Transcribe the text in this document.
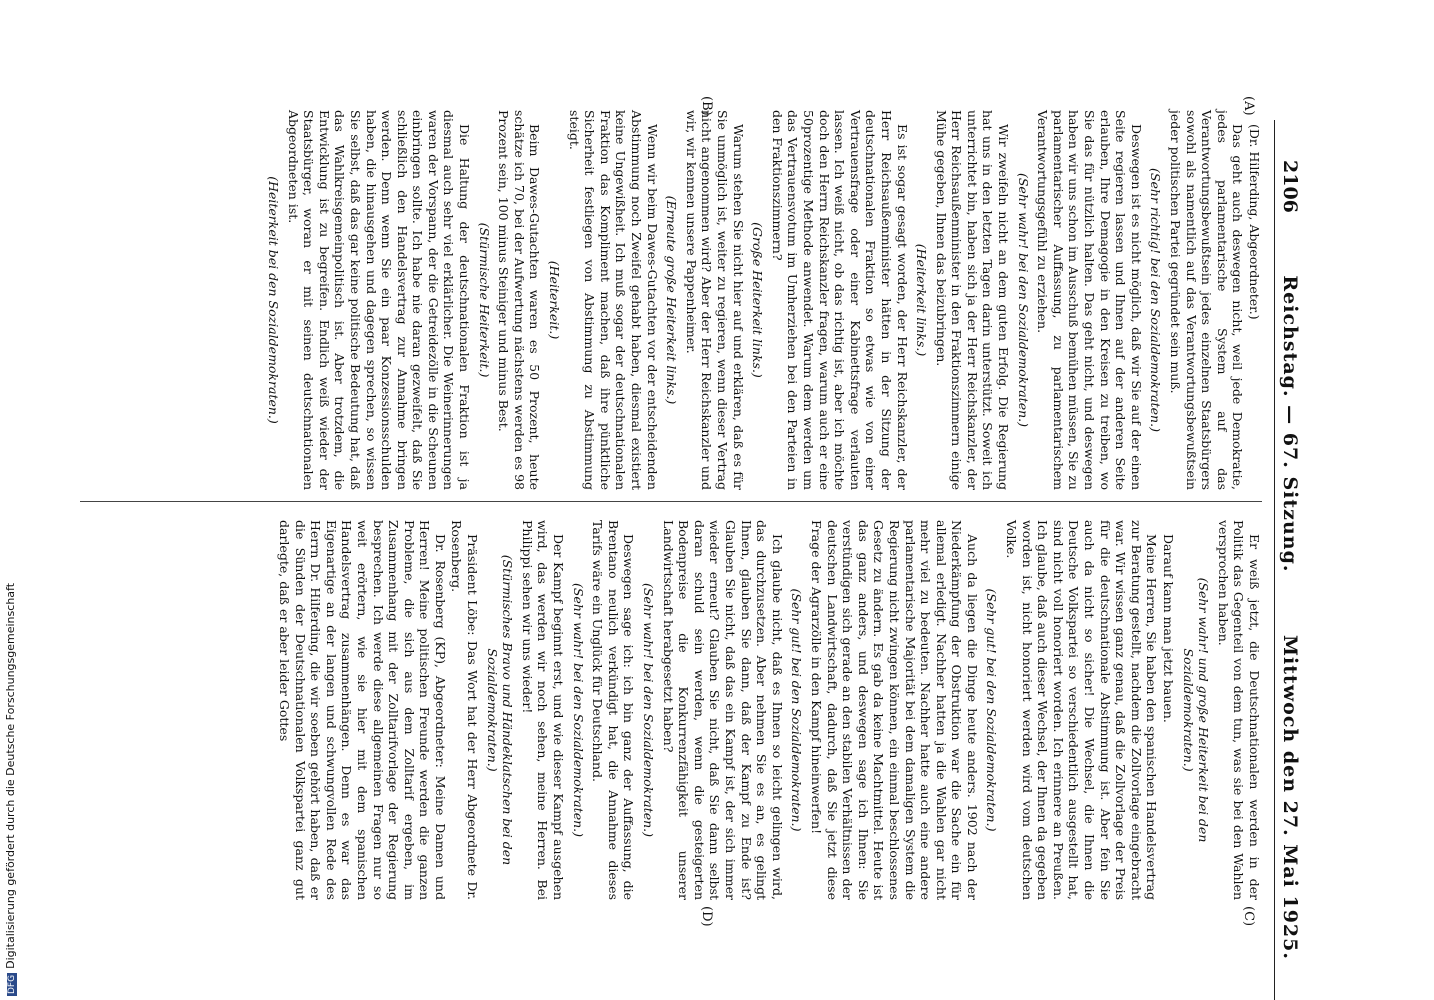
2106
Reichstag. — 67. Sitzung.
Mittwoch den 27. Mai 1925.
(A)
(B)
(C)
(D)

(Dr. Hilferding, Abgeordneter.)

Das geht auch deswegen nicht, weil jede Demokratie, jedes parlamentarische System auf das Verantwortungsbewußtsein jedes einzelnen Staatsbürgers sowohl als namentlich auf das Verantwortungsbewußtsein jeder politischen Partei gegründet sein muß.

(Sehr richtig! bei den Sozialdemokraten.)

Deswegen ist es nicht möglich, daß wir Sie auf der einen Seite regieren lassen und Ihnen auf der anderen Seite erlauben, Ihre Demagogie in den Kreisen zu treiben, wo Sie das für nützlich halten. Das geht nicht, und deswegen haben wir uns schon im Ausschuß bemühen müssen, Sie zu parlamentarischer Auffassung, zu parlamentarischem Verantwortungsgefühl zu erziehen.

(Sehr wahr! bei den Sozialdemokraten.)

Wir zweifeln nicht an dem guten Erfolg. Die Regierung hat uns in den letzten Tagen darin unterstützt. Soweit ich unterrichtet bin, haben sich ja der Herr Reichskanzler, der Herr Reichsaußenminister in den Fraktionszimmern einige Mühe gegeben, Ihnen das beizubringen.

(Heiterkeit links.)

Es ist sogar gesagt worden, der Herr Reichskanzler, der Herr Reichsaußenminister hätten in der Sitzung der deutschnationalen Fraktion so etwas wie von einer Vertrauensfrage oder einer Kabinettsfrage verlauten lassen. Ich weiß nicht, ob das richtig ist, aber ich möchte doch den Herrn Reichskanzler fragen, warum auch er eine 50prozentige Methode anwendet. Warum dem werden um das Vertrauensvotum im Umherziehen bei den Parteien in den Fraktionszimmern?

(Große Heiterkeit links.)

Warum stehen Sie nicht hier auf und erklären, daß es für Sie unmöglich ist, weiter zu regieren, wenn dieser Vertrag nicht angenommen wird? Aber der Herr Reichskanzler und wir, wir kennen unsere Pappenheimer.

(Erneute große Heiterkeit links.)

Wenn wir beim Dawes-Gutachten vor der entscheidenden Abstimmung noch Zweifel gehabt haben, diesmal existiert keine Ungewißheit. Ich muß sogar der deutschnationalen Fraktion das Kompliment machen, daß ihre pünktliche Sicherheit festliegen von Abstimmung zu Abstimmung steigt.

(Heiterkeit.)

Beim Dawes-Gutachten waren es 50 Prozent, heute schätze ich 70, bei der Aufwertung nächstens werden es 98 Prozent sein, 100 minus Steiniger und minus Best.

(Stürmische Heiterkeit.)

Die Haltung der deutschnationalen Fraktion ist ja diesmal auch sehr viel erklärlicher. Die Weinerinnerungen waren der Vorspann, der die Getreidezölle in die Scheunen einbringen sollte. Ich habe nie daran gezweifelt, daß Sie schließlich den Handelsvertrag zur Annahme bringen werden. Denn wenn Sie ein paar Konzessionsschulden haben, die hinausgehen und dagegen sprechen, so wissen Sie selbst, daß das gar keine politische Bedeutung hat, daß das Wahlkreisgemeinpolitisch ist. Aber trotzdem, die Entwicklung ist zu begreifen. Endlich weiß wieder der Staatsbürger, woran er mit seinen deutschnationalen Abgeordneten ist.

(Heiterkeit bei den Sozialdemokraten.)

Er weiß jetzt, die Deutschnationalen werden in der Politik das Gegenteil von dem tun, was sie bei den Wahlen versprochen haben.

(Sehr wahr! und große Heiterkeit bei den Sozialdemokraten.)

Darauf kann man jetzt bauen.

Meine Herren, Sie haben den spanischen Handelsvertrag zur Beratung gestellt, nachdem die Zollvorlage eingebracht war. Wir wissen ganz genau, daß die Zollvorlage der Preis für die deutschnationale Abstimmung ist. Aber fein Sie auch da nicht so sicher! Die Wechsel, die Ihnen die Deutsche Volkspartei so verschiedentlich ausgestellt hat, sind nicht voll honoriert worden. Ich erinnere an Preußen. Ich glaube, daß auch dieser Wechsel, der Ihnen da gegeben worden ist, nicht honoriert werden wird vom deutschen Volke.

(Sehr gut! bei den Sozialdemokraten.)

Auch da liegen die Dinge heute anders. 1902 nach der Niederkämpfung der Obstruktion war die Sache ein für allemal erledigt. Nachher hatten ja die Wahlen gar nicht mehr viel zu bedeuten. Nachher hatte auch eine andere parlamentarische Majorität bei dem damaligen System die Regierung nicht zwingen können, ein einmal beschlossenes Gesetz zu ändern. Es gab da keine Machtmittel. Heute ist das ganz anders, und deswegen sage ich Ihnen: Sie verstündigen sich gerade an den stabilen Verhältnissen der deutschen Landwirtschaft, dadurch, daß Sie jetzt diese Frage der Agrarzölle in den Kampf hineinwerfen!

(Sehr gut! bei den Sozialdemokraten.)

Ich glaube nicht, daß es Ihnen so leicht gelingen wird, das durchzusetzen. Aber nehmen Sie es an, es gelingt Ihnen, glauben Sie dann, daß der Kampf zu Ende ist? Glauben Sie nicht, daß das ein Kampf ist, der sich immer wieder erneut? Glauben Sie nicht, daß Sie dann selbst daran schuld sein werden, wenn die gesteigerten Bodenpreise die Konkurrenzfähigkeit unserer Landwirtschaft herabgesetzt haben?

(Sehr wahr! bei den Sozialdemokraten.)

Deswegen sage ich: ich bin ganz der Auffassung, die Brentano neulich verkündigt hat, die Annahme dieses Tarifs wäre ein Unglück für Deutschland.

(Sehr wahr! bei den Sozialdemokraten.)

Der Kampf beginnt erst, und wie dieser Kampf ausgehen wird, das werden wir noch sehen, meine Herren. Bei Philippi sehen wir uns wieder!

(Stürmisches Bravo und Händeklatschen bei den Sozialdemokraten.)

Präsident Löbe: Das Wort hat der Herr Abgeordnete Dr. Rosenberg.

Dr. Rosenberg (KP), Abgeordneter: Meine Damen und Herren! Meine politischen Freunde werden die ganzen Probleme, die sich aus dem Zolltarif ergeben, im Zusammenhang mit der Zolltarifvorlage der Regierung besprechen. Ich werde diese allgemeinen Fragen nur so weit erörtern, wie sie hier mit dem spanischen Handelsvertrag zusammenhängen. Denn es war das Eigenartige an der langen und schwungvollen Rede des Herrn Dr. Hilferding, die wir soeben gehört haben, daß er die Sünden der Deutschnationalen Volkspartei ganz gut darlegte, daß er aber leider Gottes

DFGDigitalisierung gefördert durch die Deutsche Forschungsgemeinschaft
